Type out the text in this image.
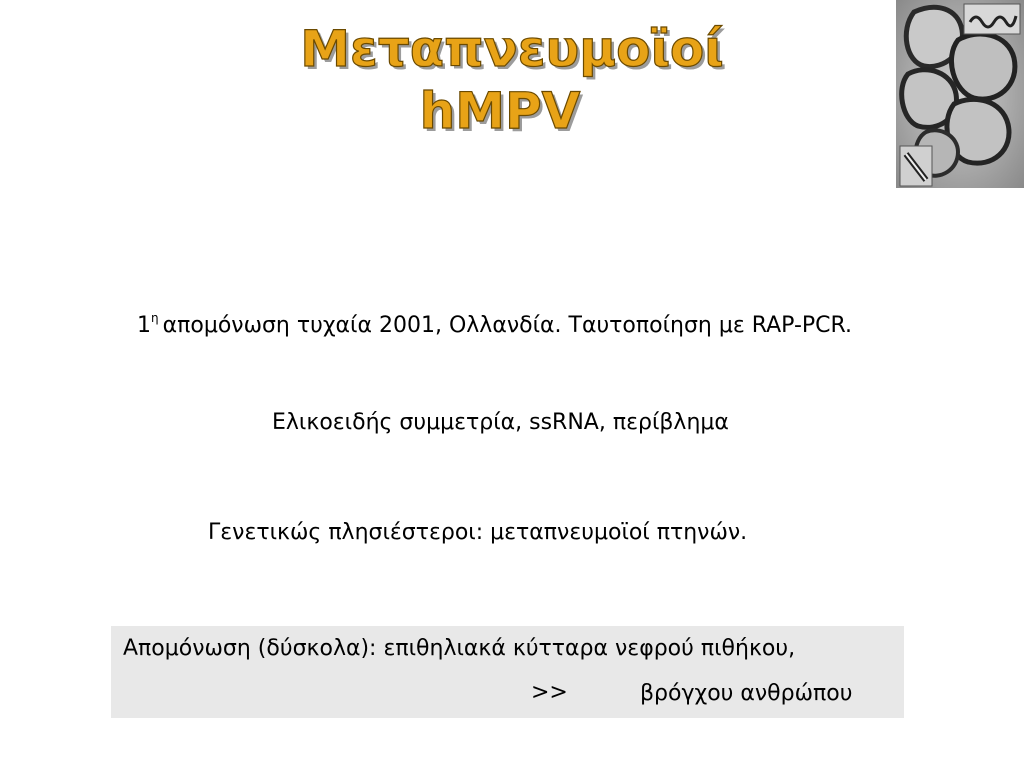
Μεταπνευμοϊοί
hMPV
$1^\eta$ απομόνωση τυχαία 2001, Ολλανδία. Ταυτοποίηση με RAP-PCR.
Ελικοειδής συμμετρία, ssRNA, περίβλημα
Γενετικώς πλησιέστεροι: μεταπνευμοϊοί πτηνών.
Απομόνωση (δύσκολα): επιθηλιακά κύτταρα νεφρού πιθήκου,
>>	βρόγχου ανθρώπου
